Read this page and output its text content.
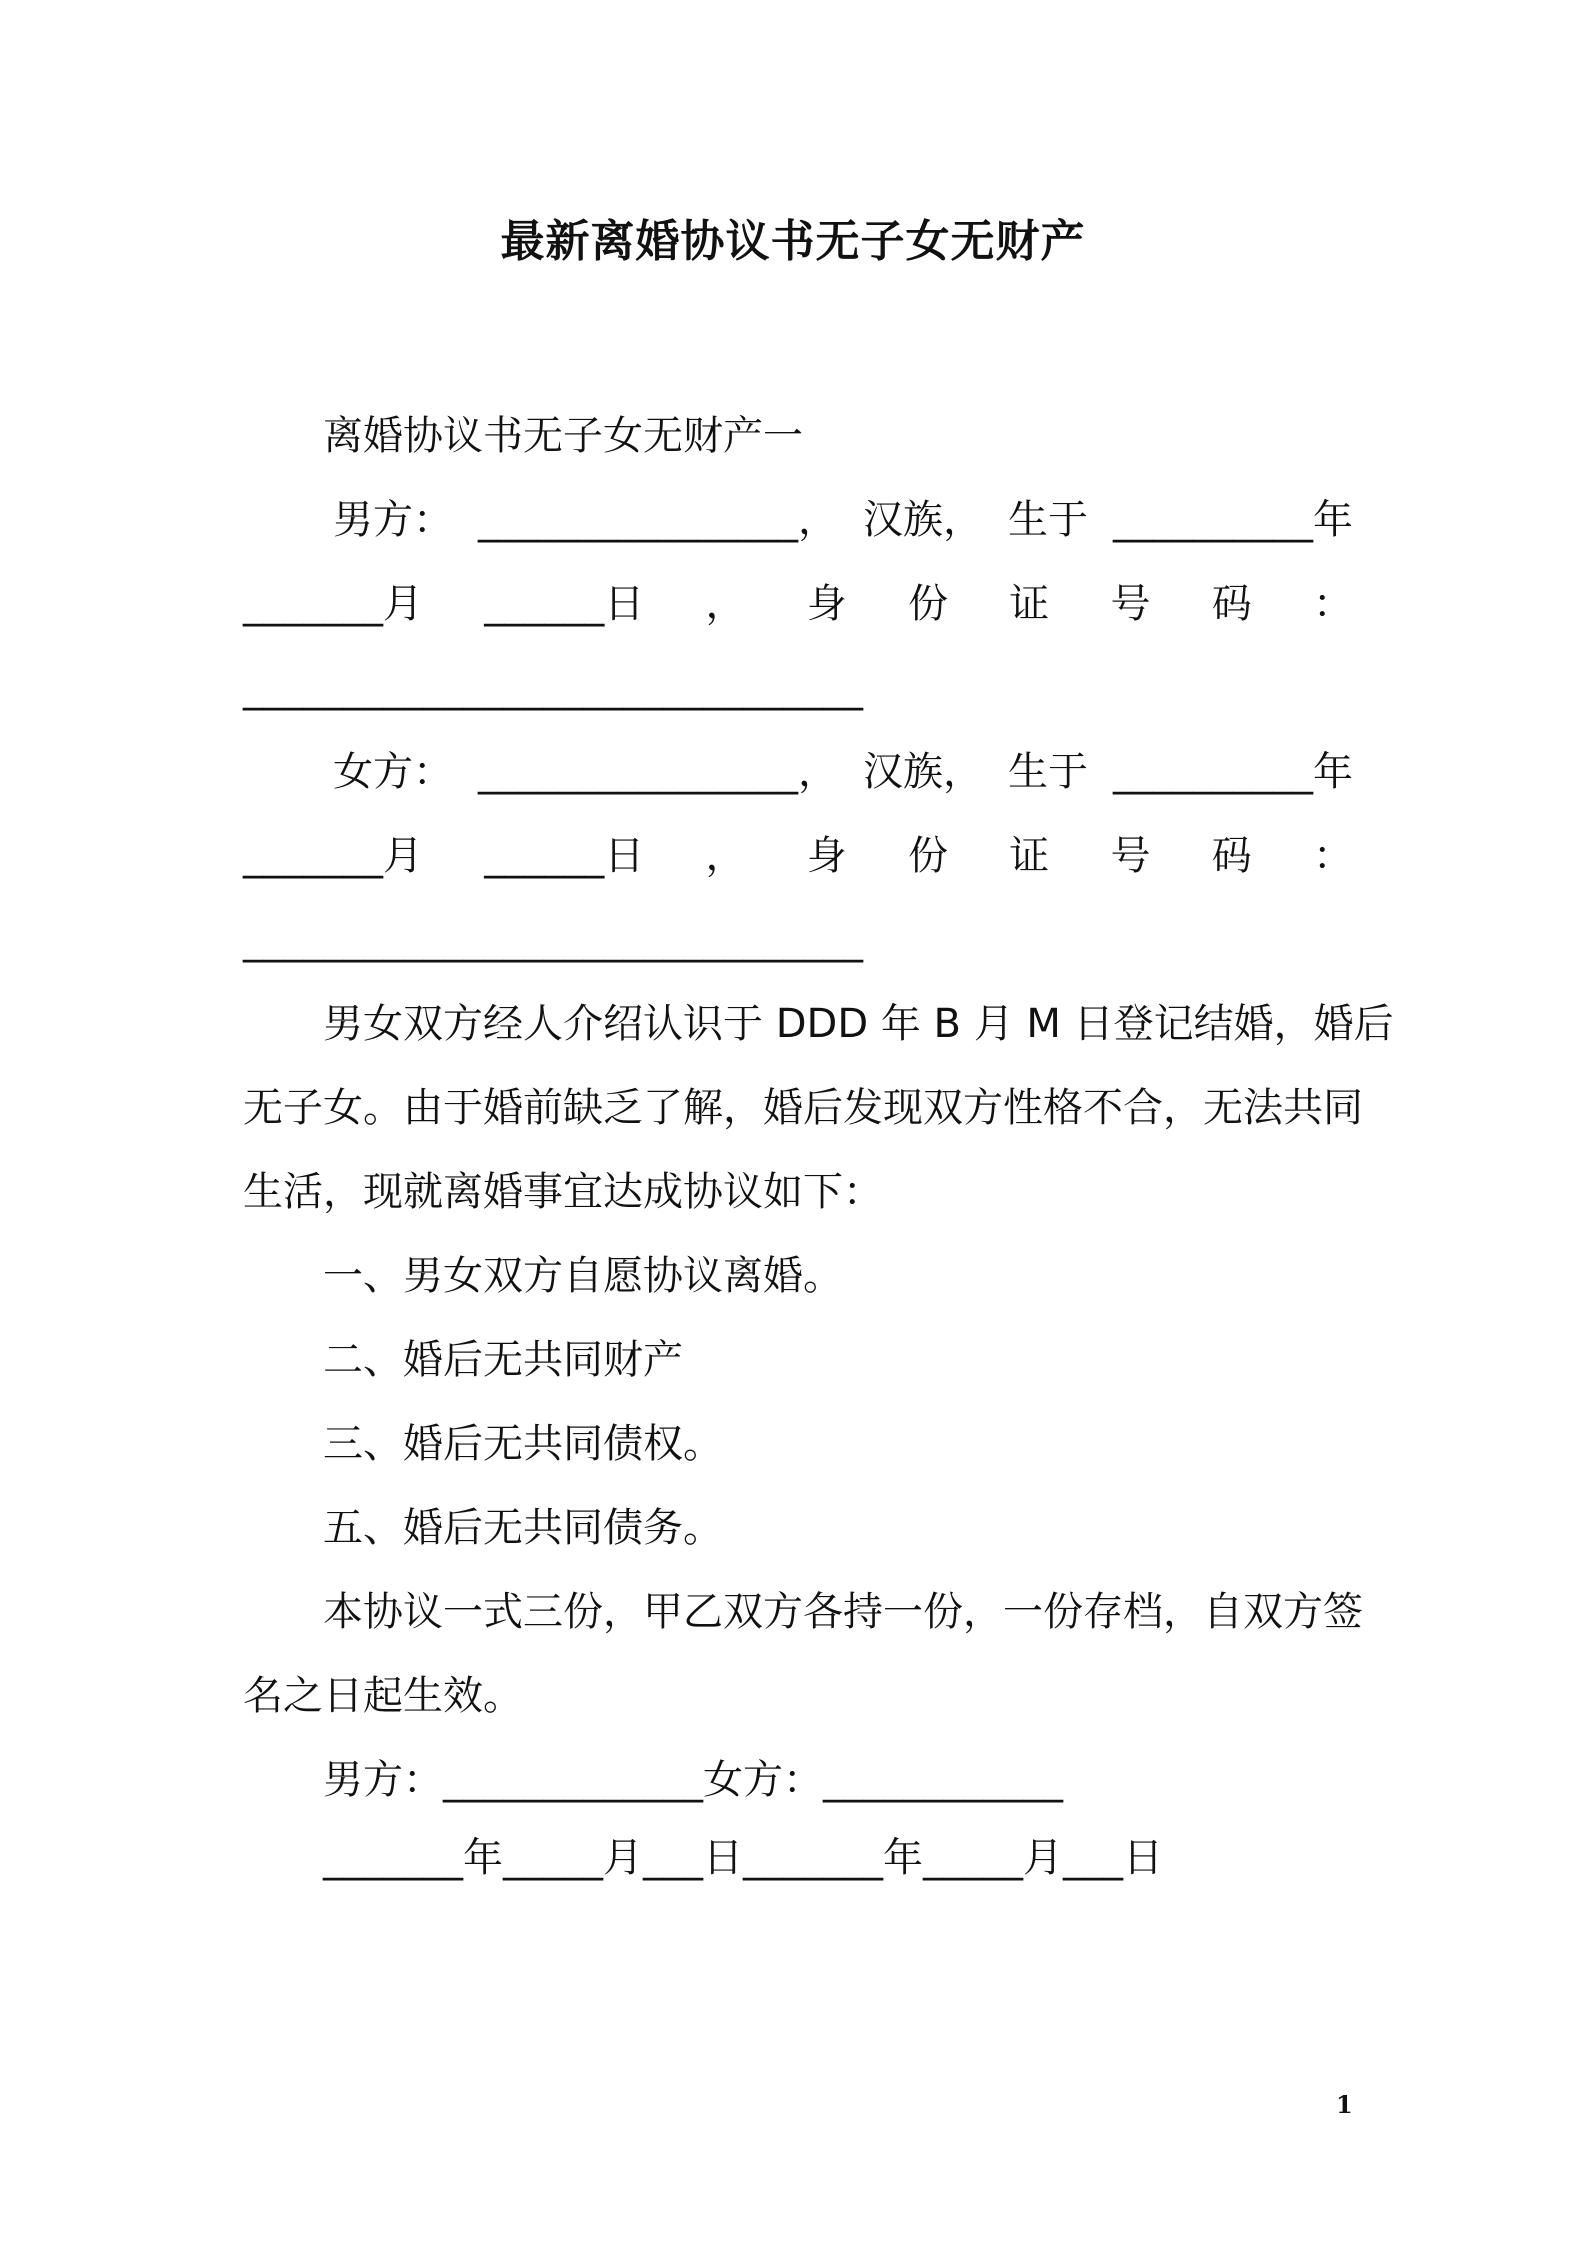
最新离婚协议书无子女无财产
离婚协议书无子女无财产一
男方： ________________， 汉族， 生于 __________年
_______月 ______日 ， 身 份 证 号 码 ：
_______________________________
女方： ________________， 汉族， 生于 __________年
_______月 ______日 ， 身 份 证 号 码 ：
_______________________________
男女双方经人介绍认识于 DDD 年 B 月 M 日登记结婚，婚后
无子女。由于婚前缺乏了解，婚后发现双方性格不合，无法共同
生活，现就离婚事宜达成协议如下：
一、男女双方自愿协议离婚。
二、婚后无共同财产
三、婚后无共同债权。
五、婚后无共同债务。
本协议一式三份，甲乙双方各持一份，一份存档，自双方签
名之日起生效。
男方：_____________女方：____________
_______年_____月___日_______年_____月___日
1
